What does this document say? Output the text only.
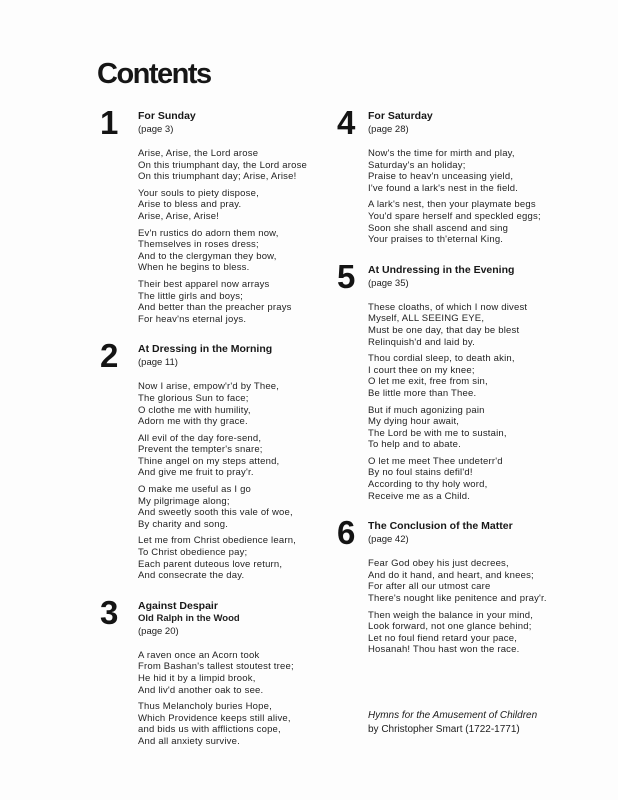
Contents
1	For Sunday
(page 3)
Arise, Arise, the Lord arose
On this triumphant day, the Lord arose
On this triumphant day; Arise, Arise!
Your souls to piety dispose,
Arise to bless and pray.
Arise, Arise, Arise!
Ev'n rustics do adorn them now,
Themselves in roses dress;
And to the clergyman they bow,
When he begins to bless.
Their best apparel now arrays
The little girls and boys;
And better than the preacher prays
For heav'ns eternal joys.
2	At Dressing in the Morning
(page 11)
Now I arise, empow'r'd by Thee,
The glorious Sun to face;
O clothe me with humility,
Adorn me with thy grace.
All evil of the day fore-send,
Prevent the tempter's snare;
Thine angel on my steps attend,
And give me fruit to pray'r.
O make me useful as I go
My pilgrimage along;
And sweetly sooth this vale of woe,
By charity and song.
Let me from Christ obedience learn,
To Christ obedience pay;
Each parent duteous love return,
And consecrate the day.
3	Against Despair
Old Ralph in the Wood
(page 20)
A raven once an Acorn took
From Bashan's tallest stoutest tree;
He hid it by a limpid brook,
And liv'd another oak to see.
Thus Melancholy buries Hope,
Which Providence keeps still alive,
and bids us with afflictions cope,
And all anxiety survive.
4	For Saturday
(page 28)
Now's the time for mirth and play,
Saturday's an holiday;
Praise to heav'n unceasing yield,
I've found a lark's nest in the field.
A lark's nest, then your playmate begs
You'd spare herself and speckled eggs;
Soon she shall ascend and sing
Your praises to th'eternal King.
5	At Undressing in the Evening
(page 35)
These cloaths, of which I now divest
Myself, ALL SEEING EYE,
Must be one day, that day be blest
Relinquish'd and laid by.
Thou cordial sleep, to death akin,
I court thee on my knee;
O let me exit, free from sin,
Be little more than Thee.
But if much agonizing pain
My dying hour await,
The Lord be with me to sustain,
To help and to abate.
O let me meet Thee undeterr'd
By no foul stains defil'd!
According to thy holy word,
Receive me as a Child.
6	The Conclusion of the Matter
(page 42)
Fear God obey his just decrees,
And do it hand, and heart, and knees;
For after all our utmost care
There's nought like penitence and pray'r.
Then weigh the balance in your mind,
Look forward, not one glance behind;
Let no foul fiend retard your pace,
Hosanah! Thou hast won the race.
Hymns for the Amusement of Children
by Christopher Smart (1722-1771)
